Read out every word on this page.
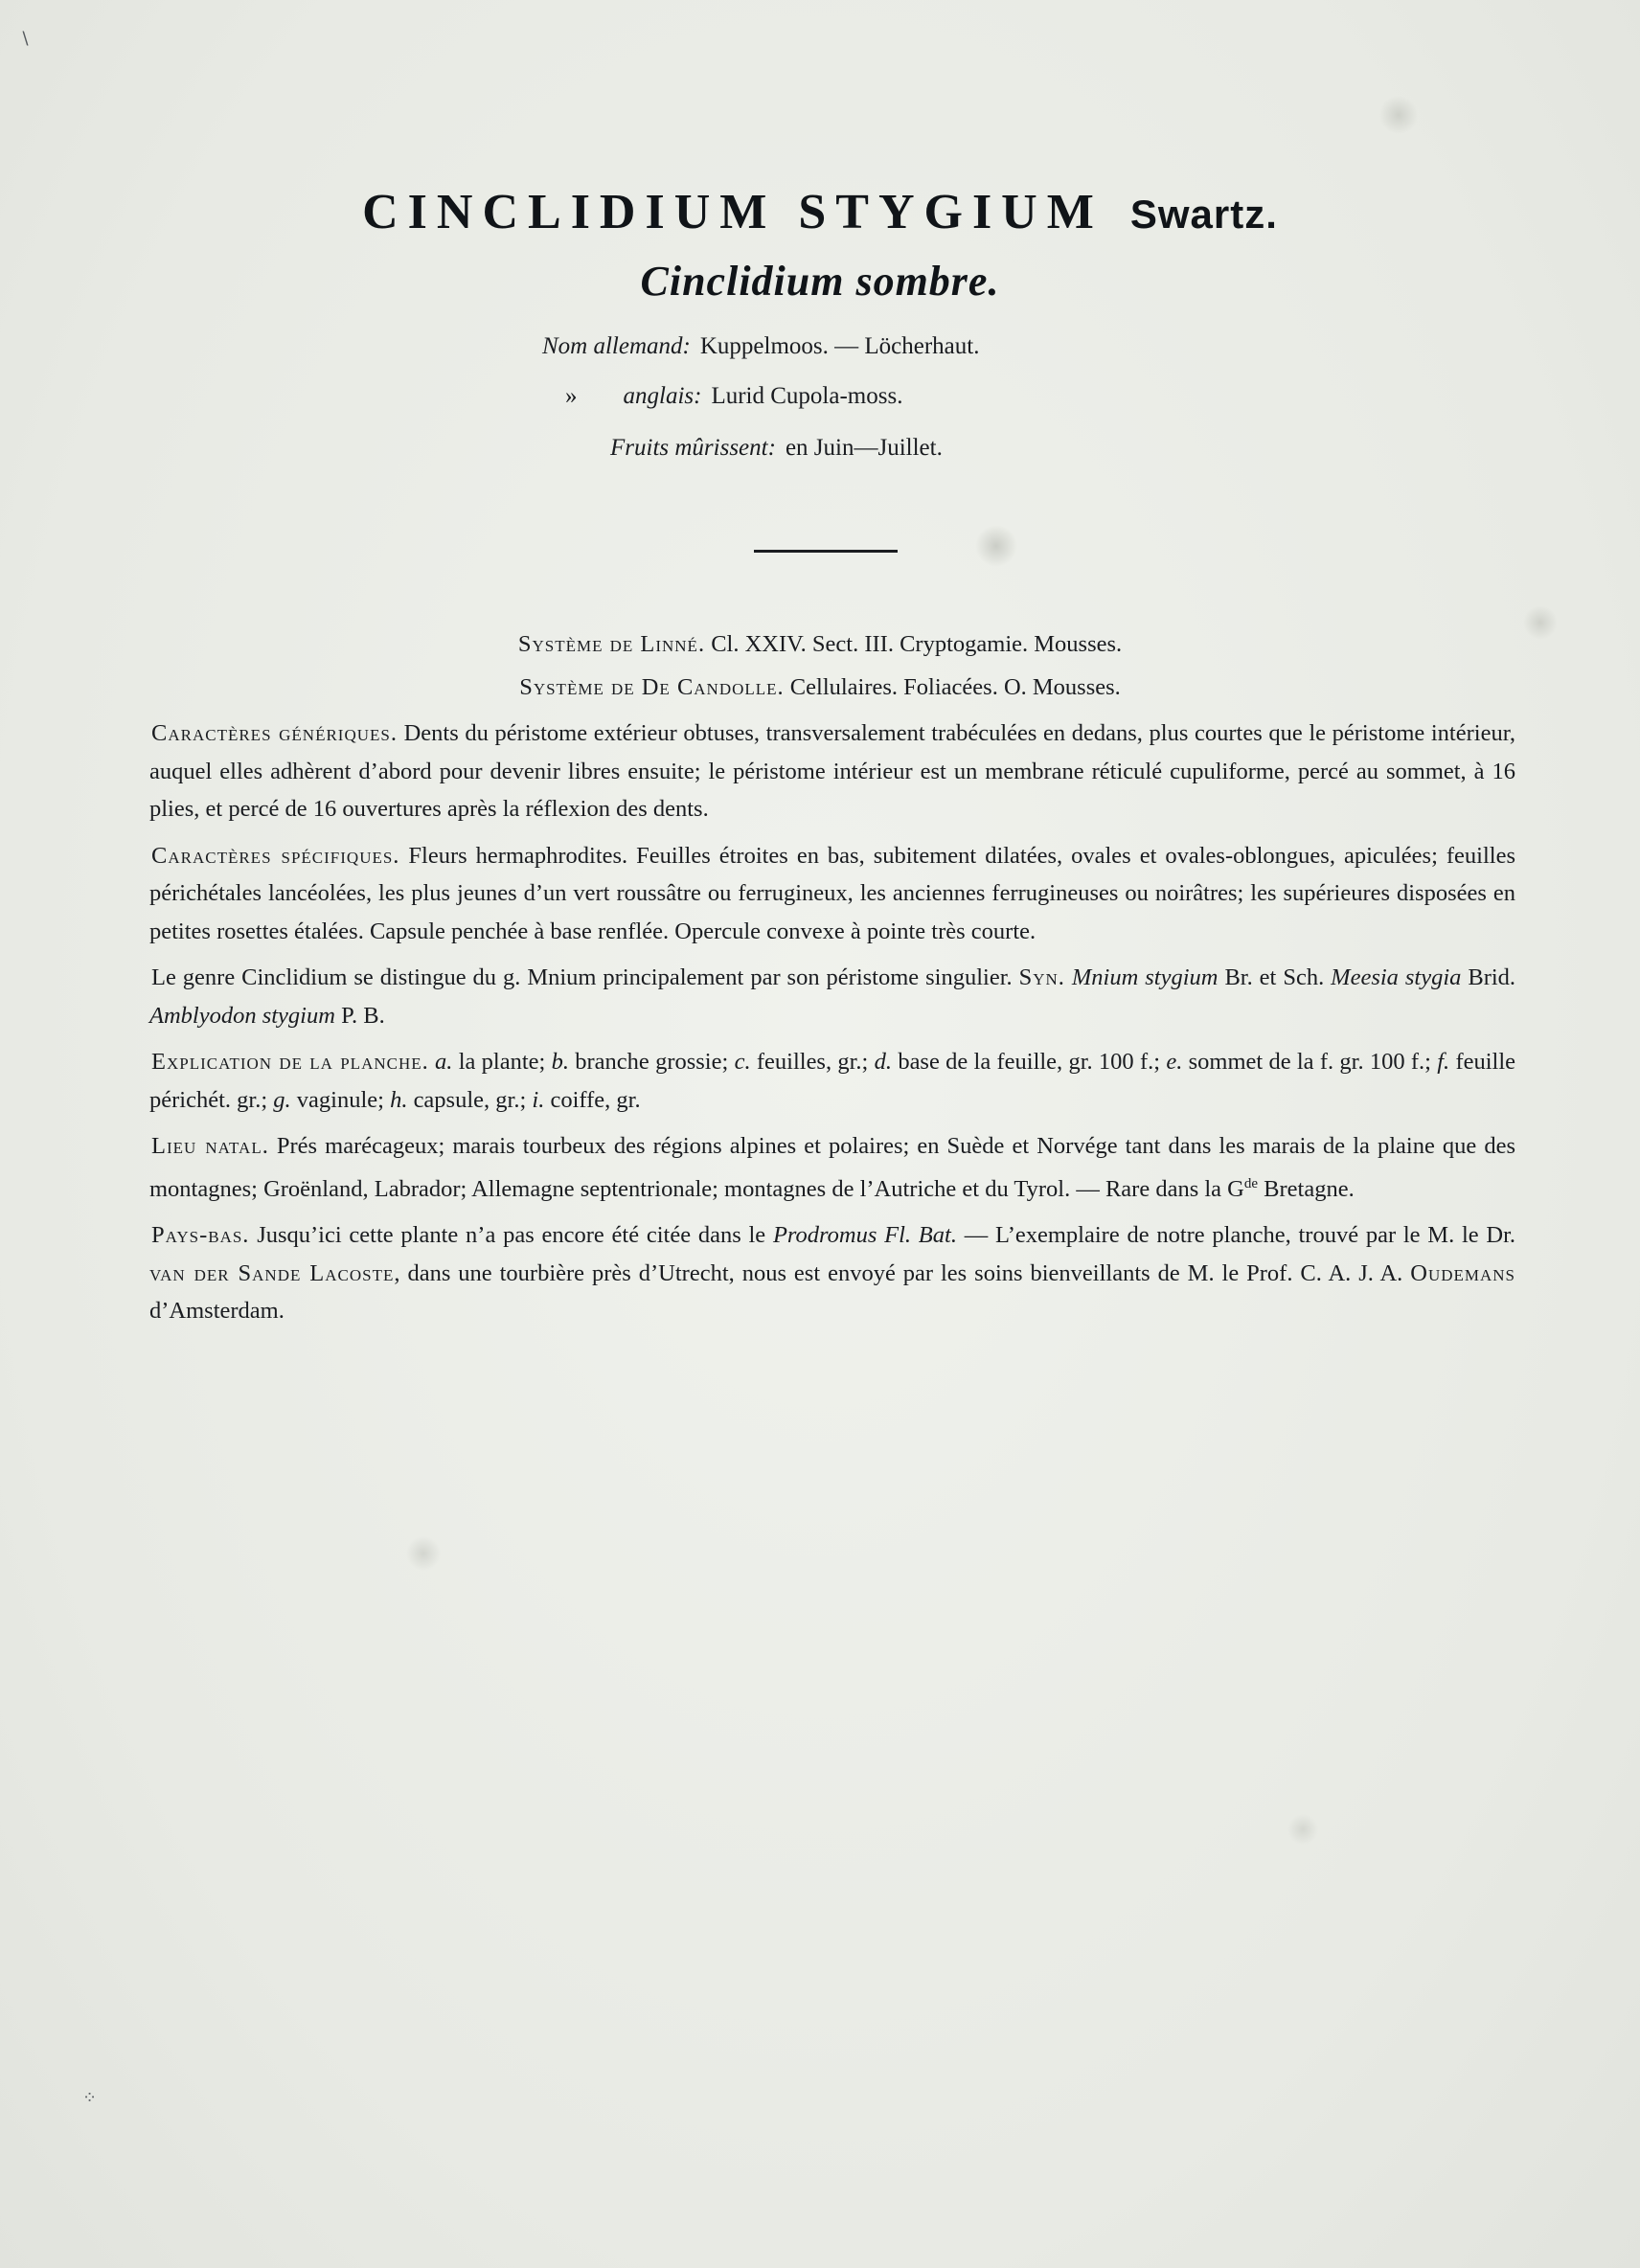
CINCLIDIUM STYGIUM Swartz.
Cinclidium sombre.
Nom allemand: Kuppelmoos. — Löcherhaut.
» anglais: Lurid Cupola-moss.
Fruits mûrissent: en Juin—Juillet.
Système de Linné. Cl. XXIV. Sect. III. Cryptogamie. Mousses.
Système de De Candolle. Cellulaires. Foliacées. O. Mousses.

Caractères génériques. Dents du péristome extérieur obtuses, transversalement trabéculées en dedans, plus courtes que le péristome intérieur, auquel elles adhèrent d’abord pour devenir libres ensuite; le péristome intérieur est un membrane réticulé cupuliforme, percé au sommet, à 16 plies, et percé de 16 ouvertures après la réflexion des dents.

Caractères spécifiques. Fleurs hermaphrodites. Feuilles étroites en bas, subitement dilatées, ovales et ovales-oblongues, apiculées; feuilles périchétales lancéolées, les plus jeunes d’un vert roussâtre ou ferrugineux, les anciennes ferrugineuses ou noirâtres; les supérieures disposées en petites rosettes étalées. Capsule penchée à base renflée. Opercule convexe à pointe très courte.

Le genre Cinclidium se distingue du g. Mnium principalement par son péristome singulier. Syn. Mnium stygium Br. et Sch. Meesia stygia Brid. Amblyodon stygium P. B.

Explication de la planche. a. la plante; b. branche grossie; c. feuilles, gr.; d. base de la feuille, gr. 100 f.; e. sommet de la f. gr. 100 f.; f. feuille périchét. gr.; g. vaginule; h. capsule, gr.; i. coiffe, gr.

Lieu natal. Prés marécageux; marais tourbeux des régions alpines et polaires; en Suède et Norvége tant dans les marais de la plaine que des montagnes; Groënland, Labrador; Allemagne septentrionale; montagnes de l’Autriche et du Tyrol. — Rare dans la $G^{de}$ Bretagne.

Pays-bas. Jusqu’ici cette plante n’a pas encore été citée dans le Prodromus Fl. Bat. — L’exemplaire de notre planche, trouvé par le M. le Dr. van der Sande Lacoste, dans une tourbière près d’Utrecht, nous est envoyé par les soins bienveillants de M. le Prof. C. A. J. A. Oudemans d’Amsterdam.

∖
⁘
